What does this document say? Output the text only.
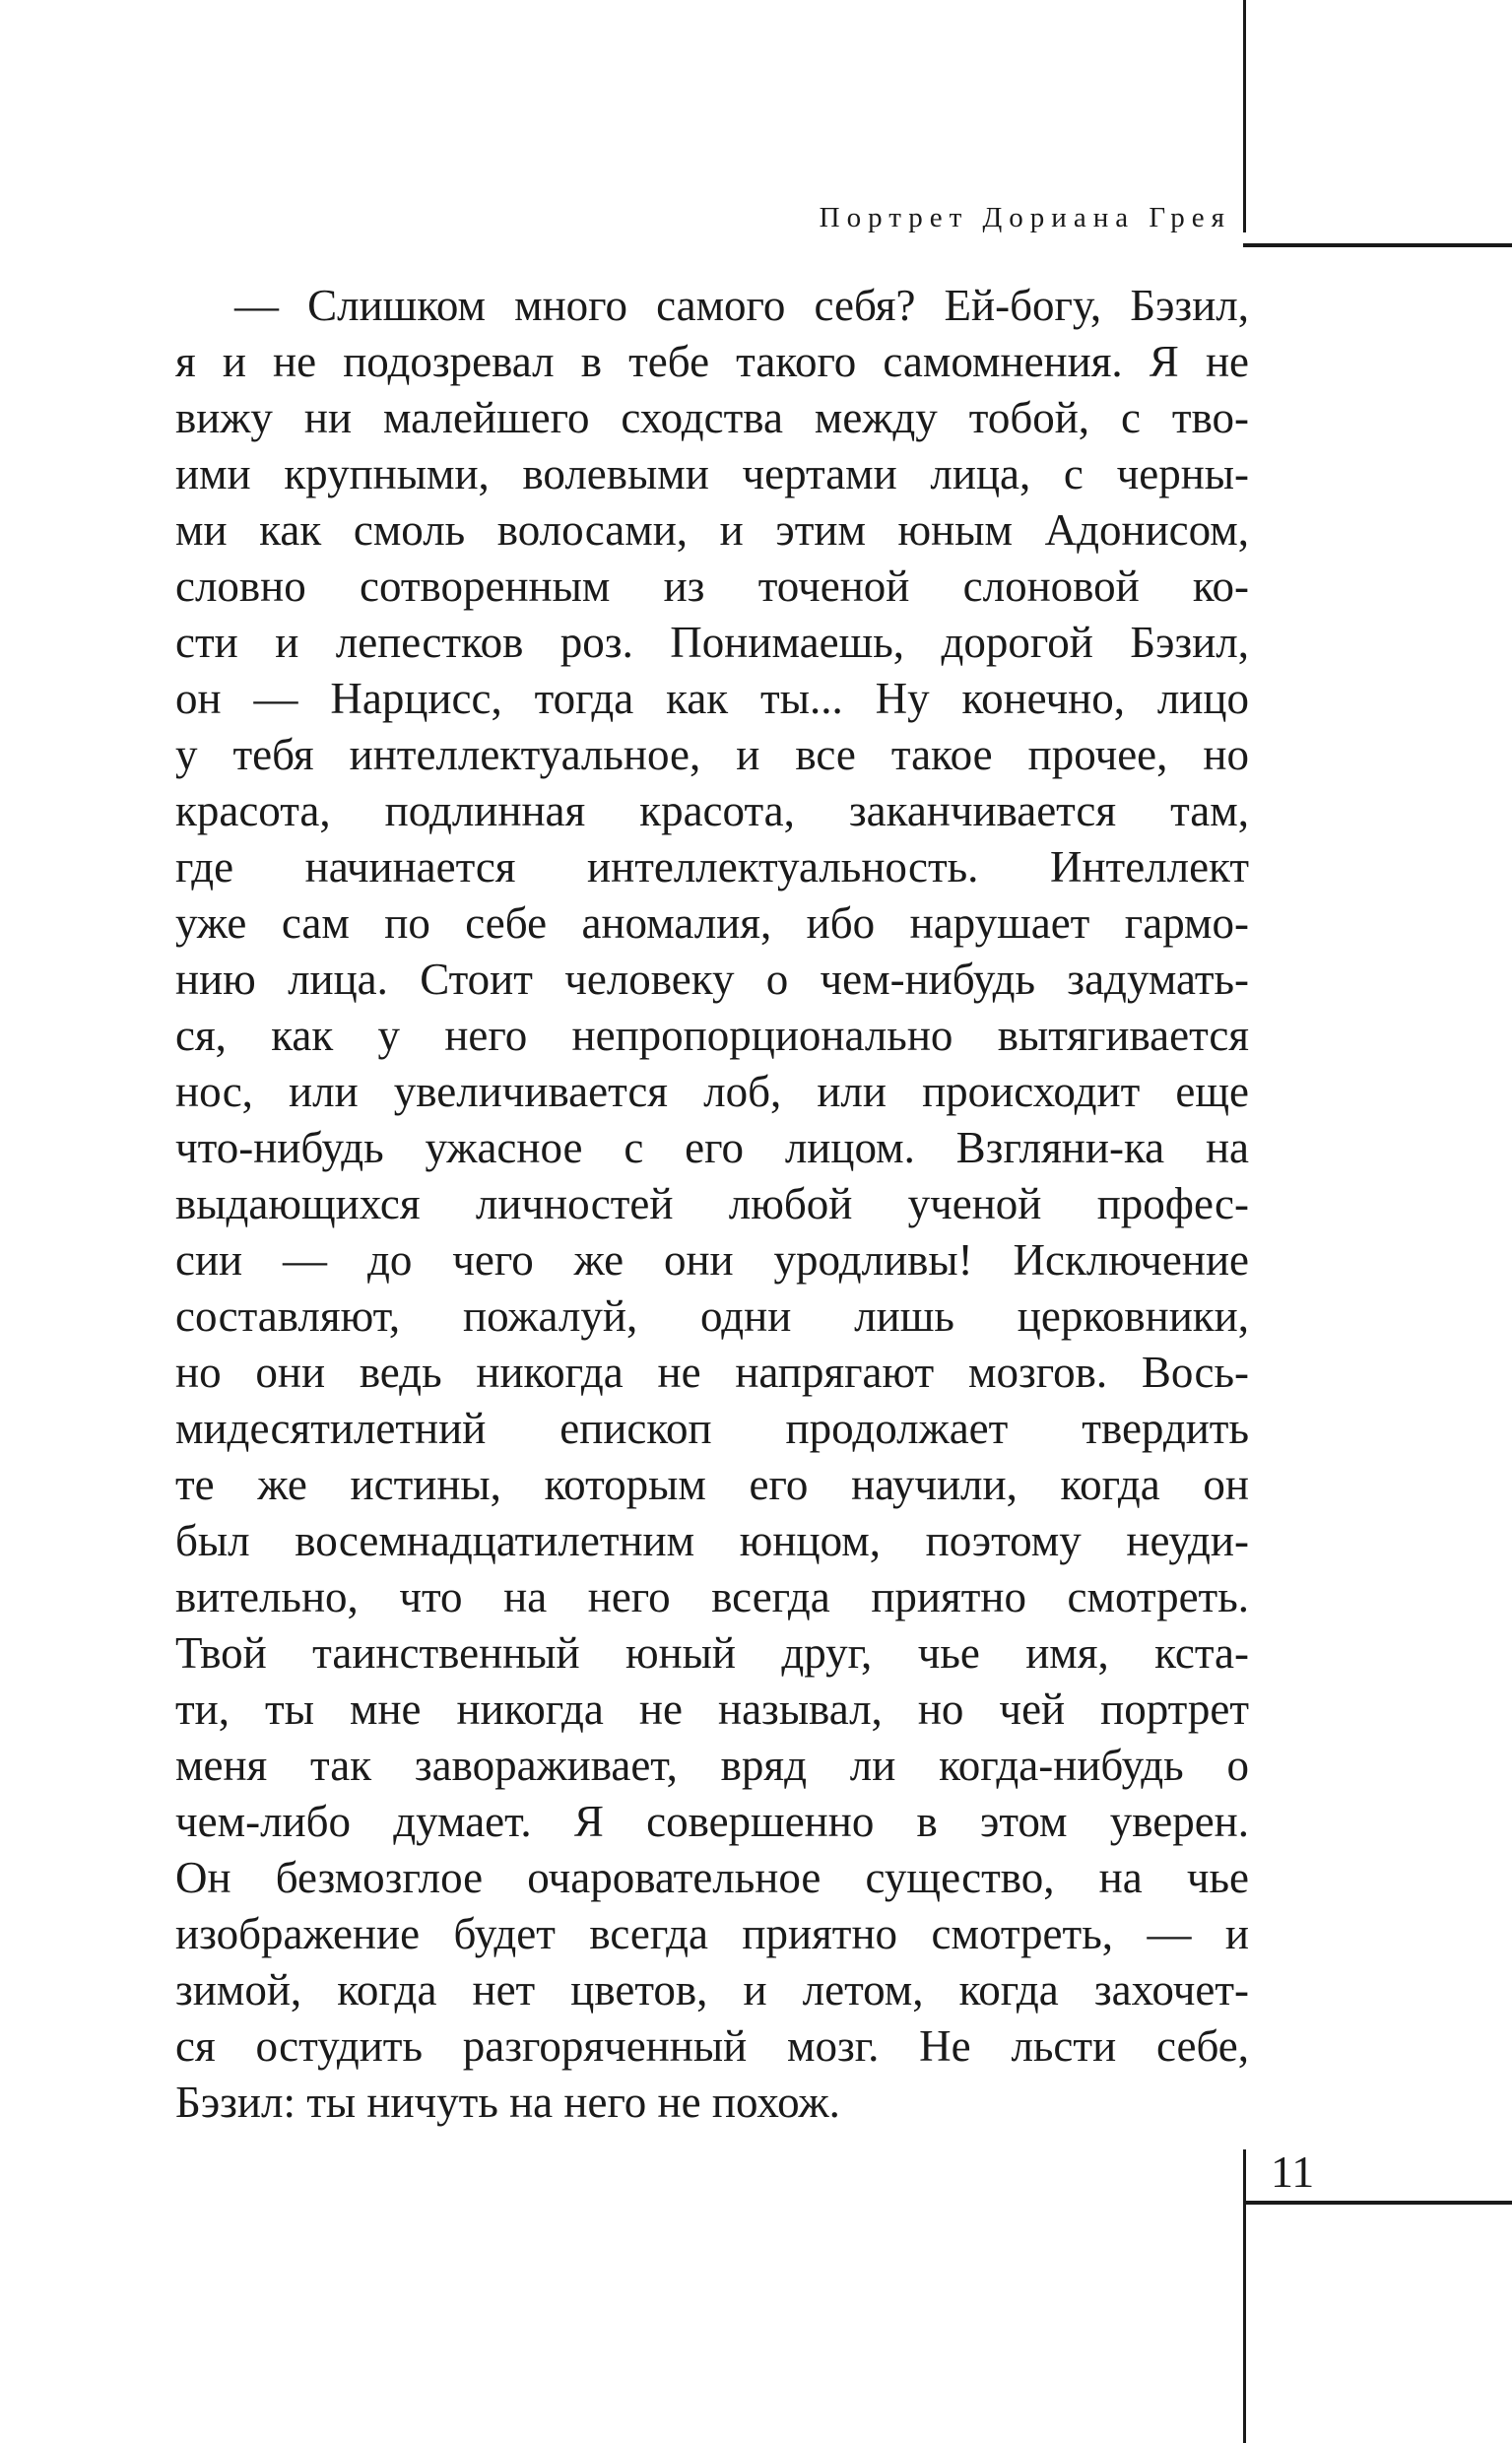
Портрет Дориана Грея
— Слишком много самого себя? Ей-богу, Бэзил,
я и не подозревал в тебе такого самомнения. Я не
вижу ни малейшего сходства между тобой, с тво-
ими крупными, волевыми чертами лица, с черны-
ми как смоль волосами, и этим юным Адонисом,
словно сотворенным из точеной слоновой ко-
сти и лепестков роз. Понимаешь, дорогой Бэзил,
он — Нарцисс, тогда как ты... Ну конечно, лицо
у тебя интеллектуальное, и все такое прочее, но
красота, подлинная красота, заканчивается там,
где начинается интеллектуальность. Интеллект
уже сам по себе аномалия, ибо нарушает гармо-
нию лица. Стоит человеку о чем-нибудь задумать-
ся, как у него непропорционально вытягивается
нос, или увеличивается лоб, или происходит еще
что-нибудь ужасное с его лицом. Взгляни-ка на
выдающихся личностей любой ученой профес-
сии — до чего же они уродливы! Исключение
составляют, пожалуй, одни лишь церковники,
но они ведь никогда не напрягают мозгов. Вось-
мидесятилетний епископ продолжает твердить
те же истины, которым его научили, когда он
был восемнадцатилетним юнцом, поэтому неуди-
вительно, что на него всегда приятно смотреть.
Твой таинственный юный друг, чье имя, кста-
ти, ты мне никогда не называл, но чей портрет
меня так завораживает, вряд ли когда-нибудь о
чем-либо думает. Я совершенно в этом уверен.
Он безмозглое очаровательное существо, на чье
изображение будет всегда приятно смотреть, — и
зимой, когда нет цветов, и летом, когда захочет-
ся остудить разгоряченный мозг. Не льсти себе,
Бэзил: ты ничуть на него не похож.
11
